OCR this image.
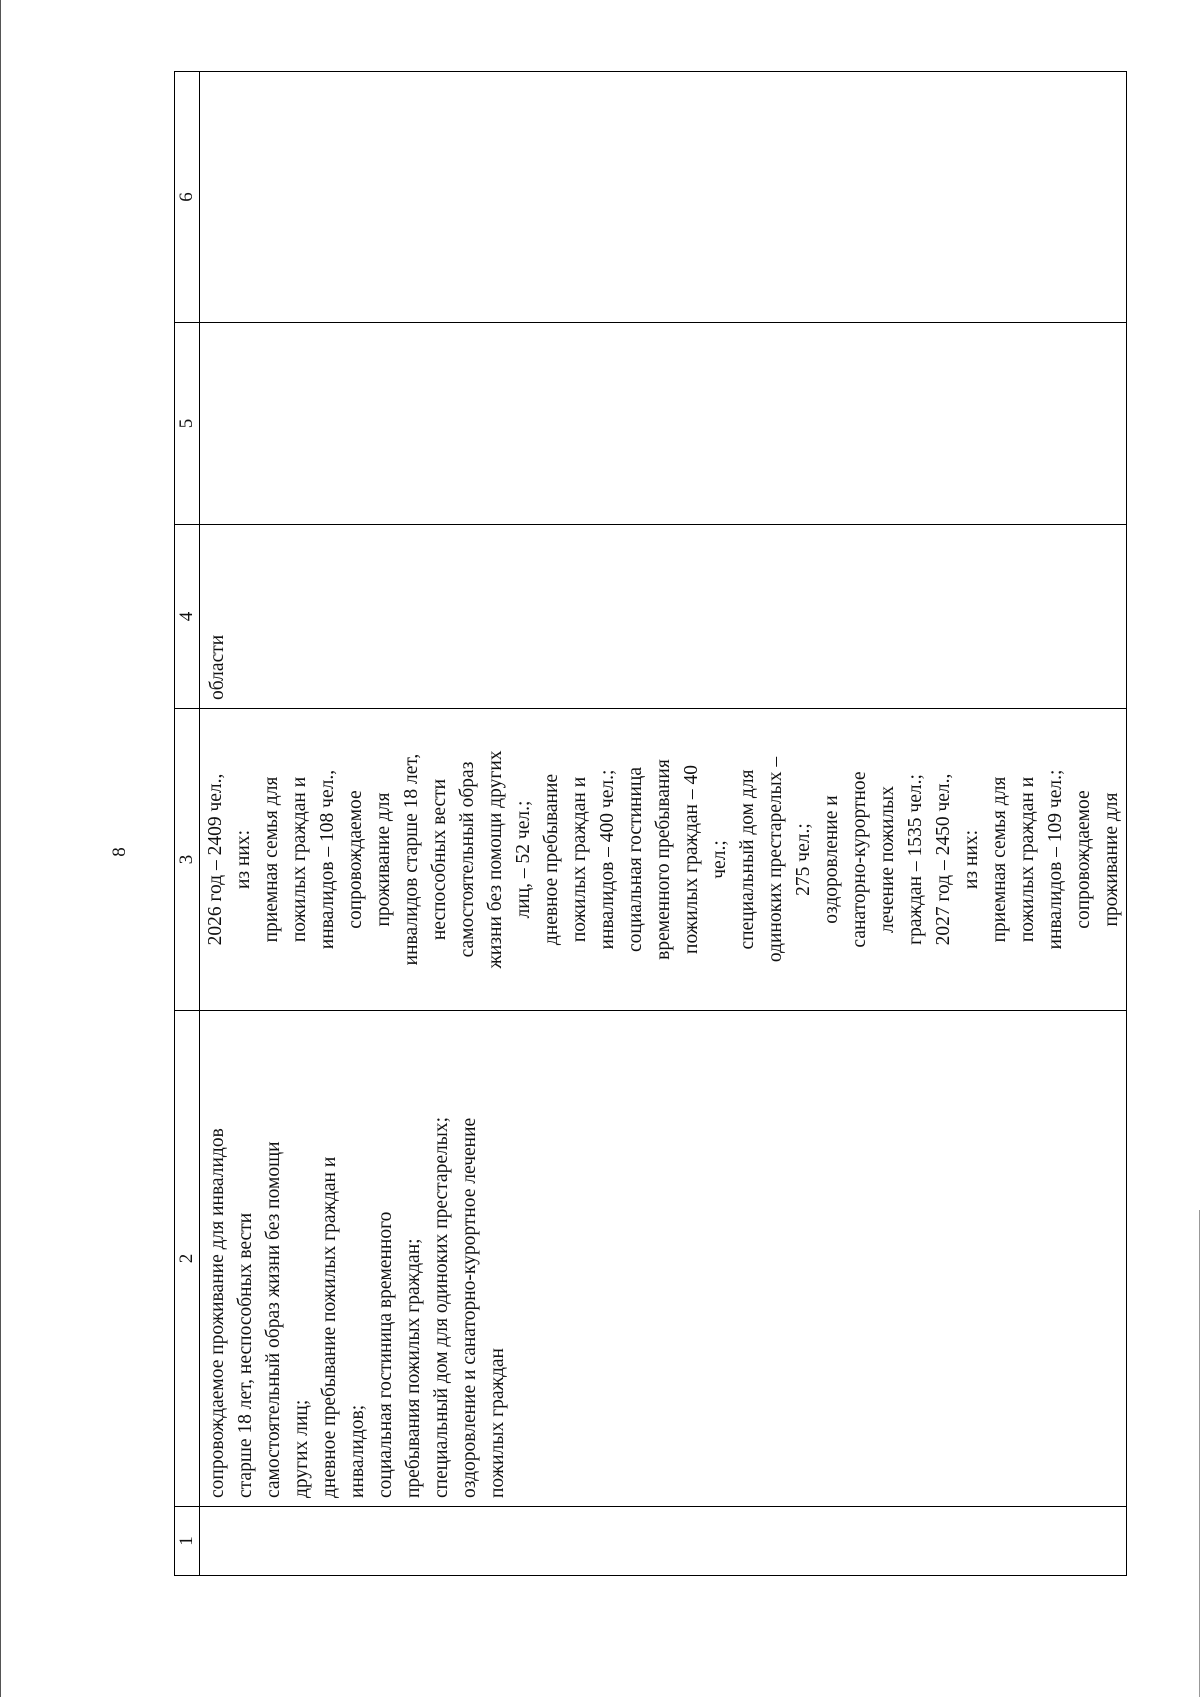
8
1
2
3
4
5
6
сопровождаемое проживание для инвалидов
старше 18 лет, неспособных вести
самостоятельный образ жизни без помощи
других лиц;
дневное пребывание пожилых граждан и
инвалидов;
социальная гостиница временного
пребывания пожилых граждан;
специальный дом для одиноких престарелых;
оздоровление и санаторно-курортное лечение
пожилых граждан
2026 год – 2409 чел.,
из них:
приемная семья для
пожилых граждан и
инвалидов – 108 чел.,
сопровождаемое
проживание для
инвалидов старше 18 лет,
неспособных вести
самостоятельный образ
жизни без помощи других
лиц, – 52 чел.;
дневное пребывание
пожилых граждан и
инвалидов – 400 чел.;
социальная гостиница
временного пребывания
пожилых граждан – 40
чел.;
специальный дом для
одиноких престарелых –
275 чел.;
оздоровление и
санаторно-курортное
лечение пожилых
граждан – 1535 чел.;
2027 год – 2450 чел.,
из них:
приемная семья для
пожилых граждан и
инвалидов – 109 чел.;
сопровождаемое
проживание для
области
